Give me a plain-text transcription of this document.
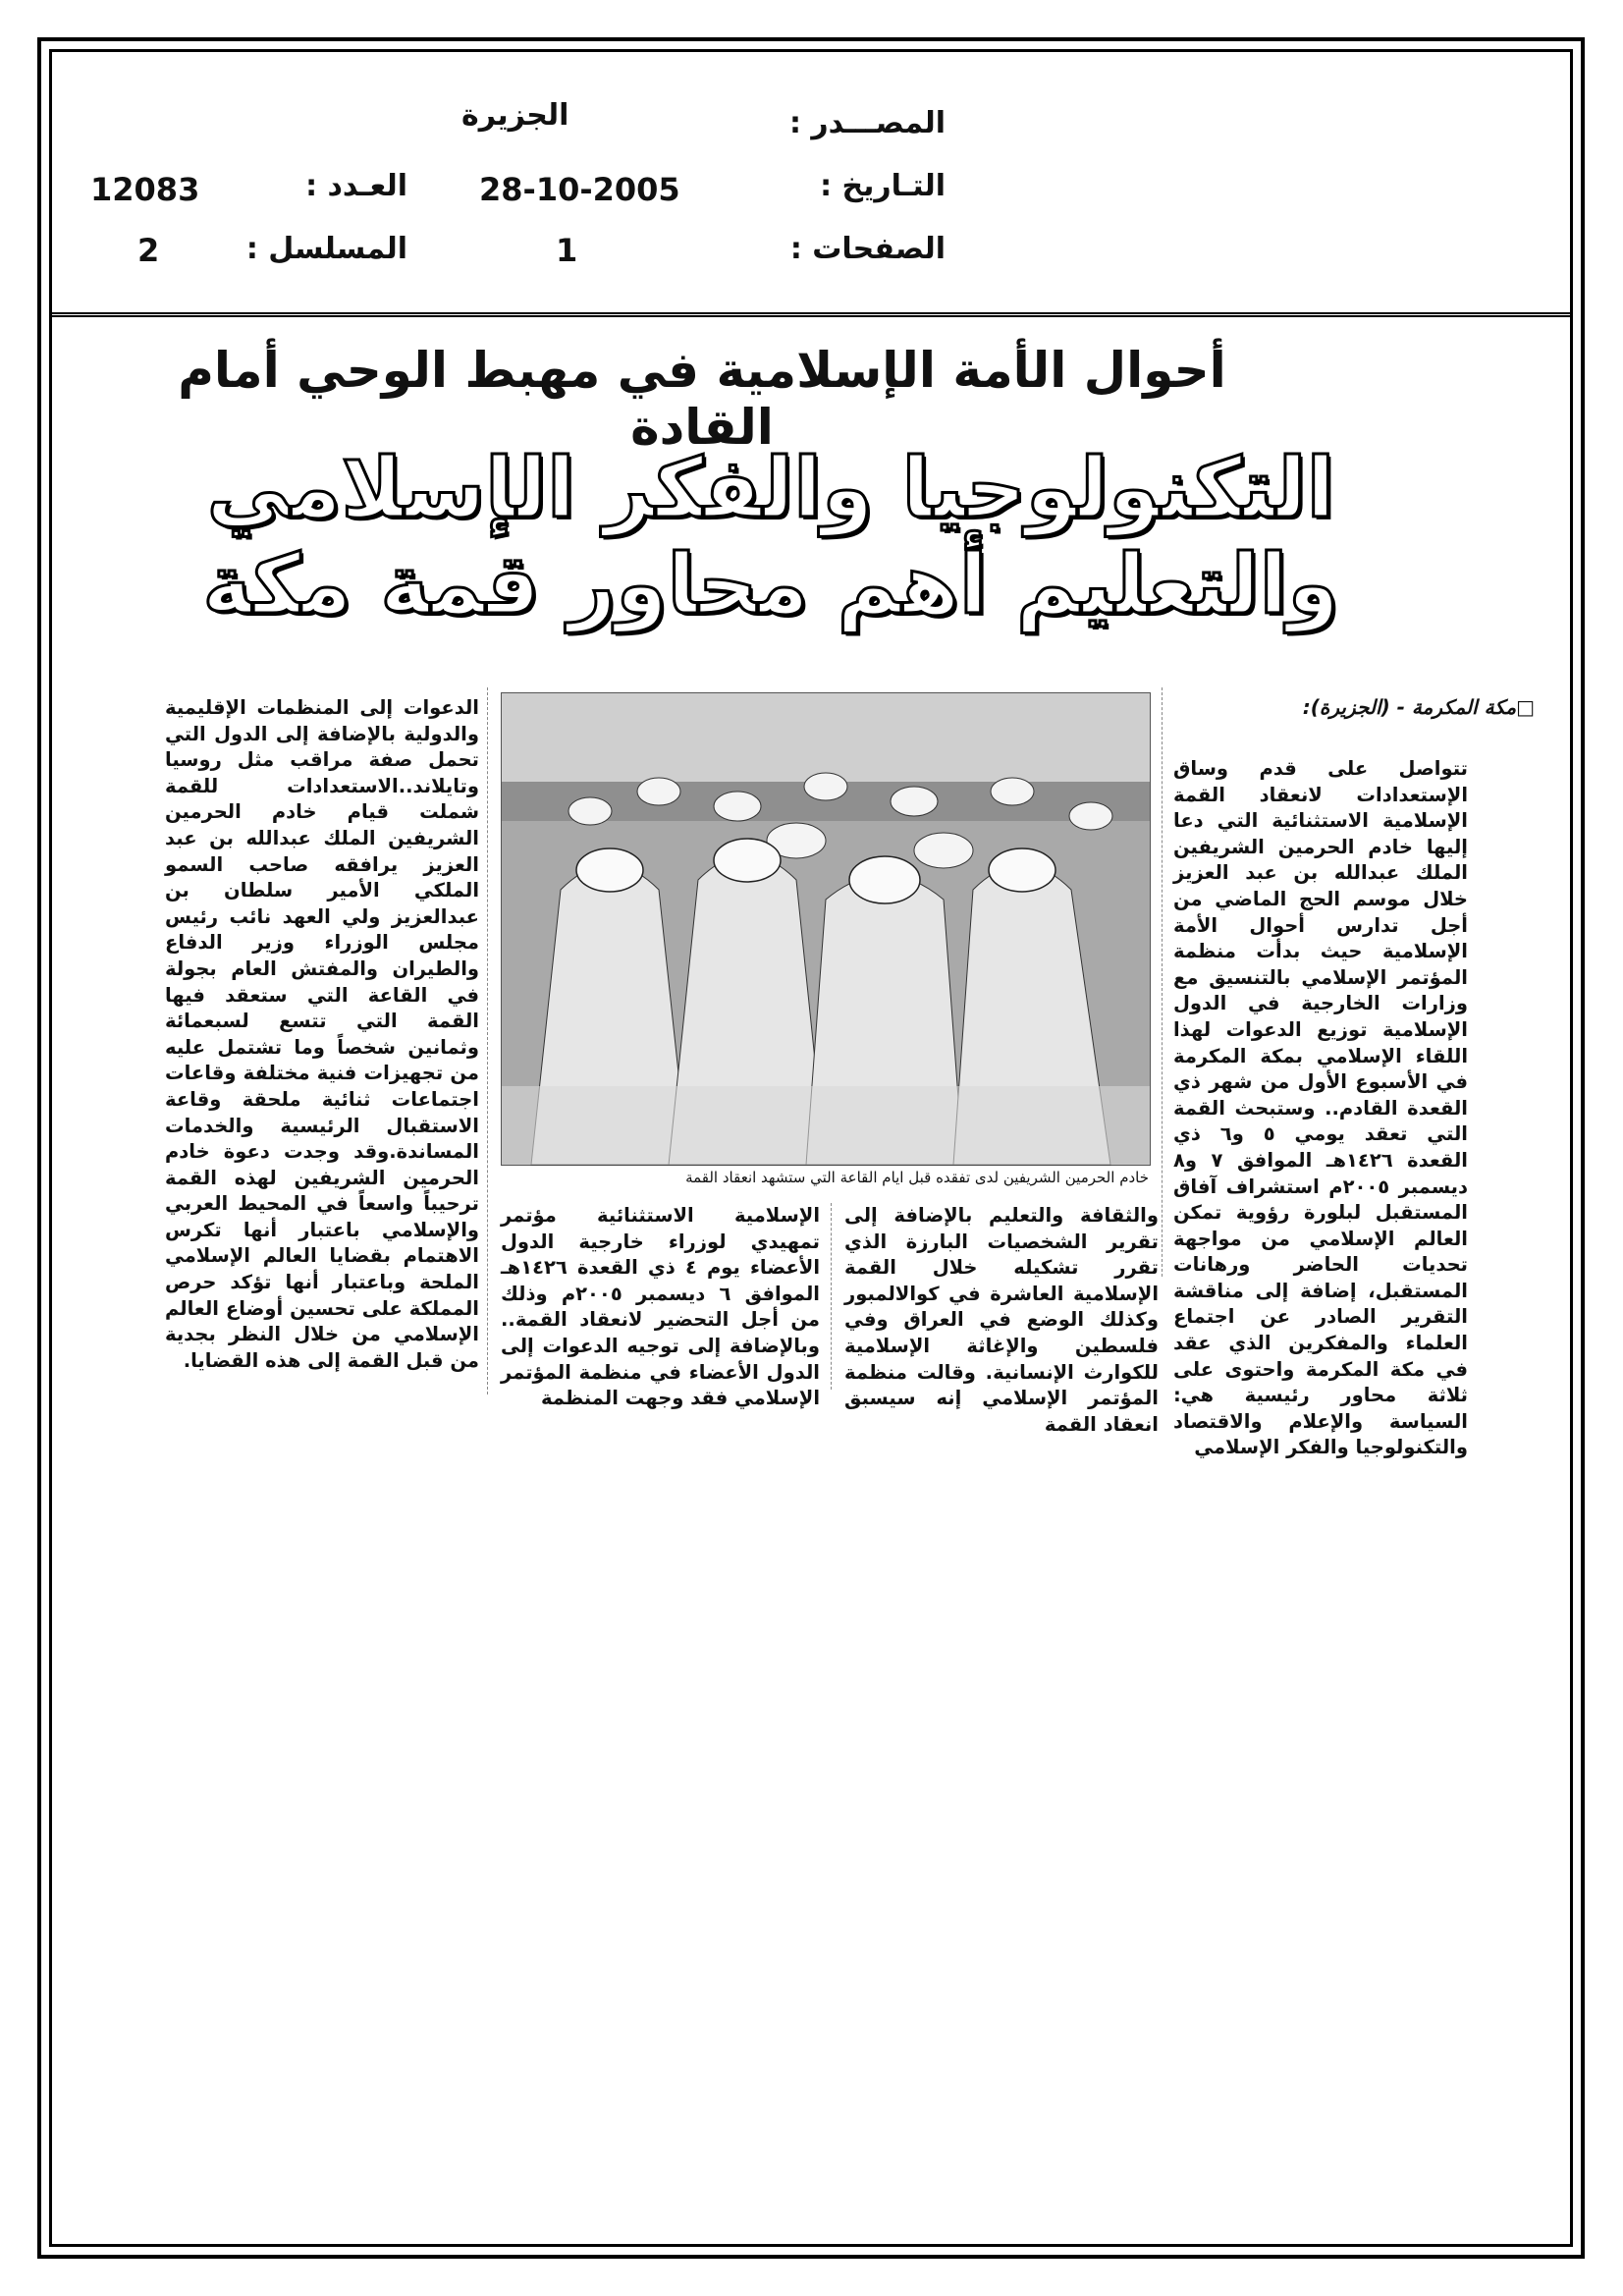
المصـــدر :
الجزيرة
التـاريخ :
28-10-2005
العـدد :
12083
الصفحات :
1
المسلسل :
2
أحوال الأمة الإسلامية في مهبط الوحي أمام القادة
التكنولوجيا والفكر الإسلامي والتعليم أهم محاور قمة مكة
□مكة المكرمة - (الجزيرة):
خادم الحرمين الشريفين لدى تفقده قبل ايام القاعة التي ستشهد انعقاد القمة
تتواصل على قدم وساق الإستعدادات لانعقاد القمة الإسلامية الاستثنائية التي دعا إليها خادم الحرمين الشريفين الملك عبدالله بن عبد العزيز خلال موسم الحج الماضي من أجل تدارس أحوال الأمة الإسلامية حيث بدأت منظمة المؤتمر الإسلامي بالتنسيق مع وزارات الخارجية في الدول الإسلامية توزيع الدعوات لهذا اللقاء الإسلامي بمكة المكرمة في الأسبوع الأول من شهر ذي القعدة القادم.. وستبحث القمة التي تعقد يومي ٥ و٦ ذي القعدة ١٤٢٦هـ الموافق ٧ و٨ ديسمبر ٢٠٠٥م استشراف آفاق المستقبل لبلورة رؤوية تمكن العالم الإسلامي من مواجهة تحديات الحاضر ورهانات المستقبل، إضافة إلى مناقشة التقرير الصادر عن اجتماع العلماء والمفكرين الذي عقد في مكة المكرمة واحتوى على ثلاثة محاور رئيسية هي: السياسة والإعلام والاقتصاد والتكنولوجيا والفكر الإسلامي
والثقافة والتعليم بالإضافة إلى تقرير الشخصيات البارزة الذي تقرر تشكيله خلال القمة الإسلامية العاشرة في كوالالمبور وكذلك الوضع في العراق وفي فلسطين والإغاثة الإسلامية للكوارث الإنسانية. وقالت منظمة المؤتمر الإسلامي إنه سيسبق انعقاد القمة
الإسلامية الاستثنائية مؤتمر تمهيدي لوزراء خارجية الدول الأعضاء يوم ٤ ذي القعدة ١٤٢٦هـ الموافق ٦ ديسمبر ٢٠٠٥م وذلك من أجل التحضير لانعقاد القمة.. وبالإضافة إلى توجيه الدعوات إلى الدول الأعضاء في منظمة المؤتمر الإسلامي فقد وجهت المنظمة
الدعوات إلى المنظمات الإقليمية والدولية بالإضافة إلى الدول التي تحمل صفة مراقب مثل روسيا وتايلاند..الاستعدادات للقمة شملت قيام خادم الحرمين الشريفين الملك عبدالله بن عبد العزيز يرافقه صاحب السمو الملكي الأمير سلطان بن عبدالعزيز ولي العهد نائب رئيس مجلس الوزراء وزير الدفاع والطيران والمفتش العام بجولة في القاعة التي ستعقد فيها القمة التي تتسع لسبعمائة وثمانين شخصاً وما تشتمل عليه من تجهيزات فنية مختلفة وقاعات اجتماعات ثنائية ملحقة وقاعة الاستقبال الرئيسية والخدمات المساندة.وقد وجدت دعوة خادم الحرمين الشريفين لهذه القمة ترحيباً واسعاً في المحيط العربي والإسلامي باعتبار أنها تكرس الاهتمام بقضايا العالم الإسلامي الملحة وباعتبار أنها تؤكد حرص المملكة على تحسين أوضاع العالم الإسلامي من خلال النظر بجدية من قبل القمة إلى هذه القضايا.
